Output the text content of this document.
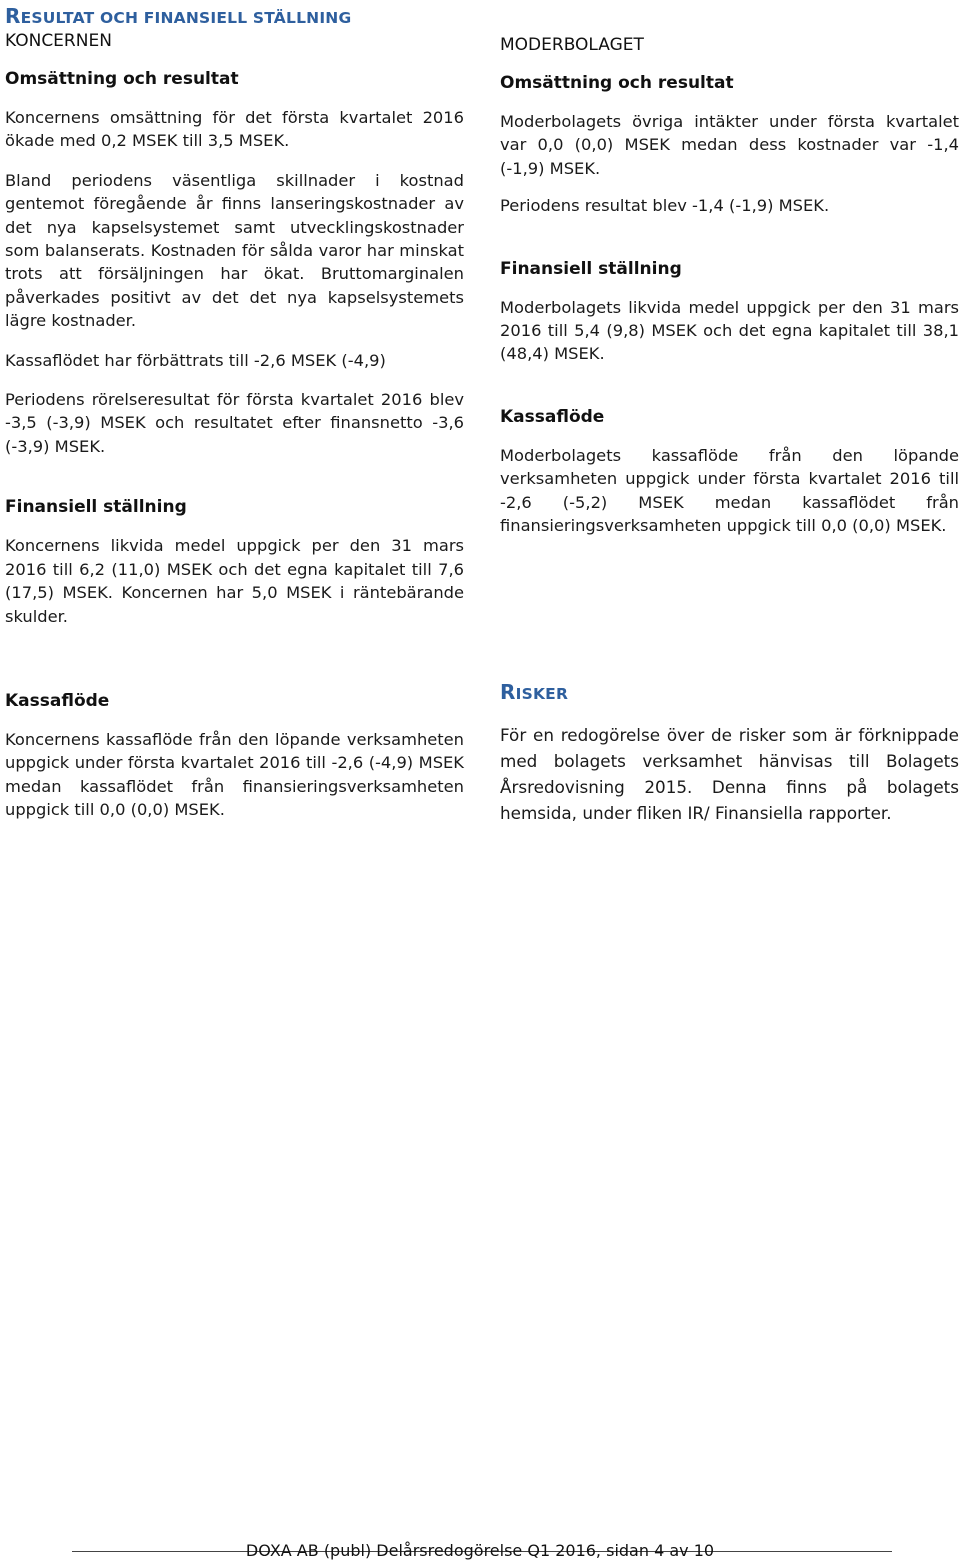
RESULTAT OCH FINANSIELL STÄLLNING
KONCERNEN
Omsättning och resultat

Koncernens omsättning för det första kvartalet 2016 ökade med 0,2 MSEK till 3,5 MSEK.

Bland periodens väsentliga skillnader i kostnad gentemot föregående år finns lanseringskostnader av det nya kapselsystemet samt utvecklingskostnader som balanserats. Kostnaden för sålda varor har minskat trots att försäljningen har ökat. Bruttomarginalen påverkades positivt av det det nya kapselsystemets lägre kostnader.

Kassaflödet har förbättrats till -2,6 MSEK (-4,9)

Periodens rörelseresultat för första kvartalet 2016 blev -3,5 (-3,9) MSEK och resultatet efter finansnetto -3,6 (-3,9) MSEK.

Finansiell ställning

Koncernens likvida medel uppgick per den 31 mars 2016 till 6,2 (11,0) MSEK och det egna kapitalet till 7,6 (17,5) MSEK. Koncernen har 5,0 MSEK i räntebärande skulder.

Kassaflöde

Koncernens kassaflöde från den löpande verksamheten uppgick under första kvartalet 2016 till -2,6 (-4,9) MSEK medan kassaflödet från finansieringsverksamheten uppgick till 0,0 (0,0) MSEK.

MODERBOLAGET
Omsättning och resultat

Moderbolagets övriga intäkter under första kvartalet var 0,0 (0,0) MSEK medan dess kostnader var -1,4 (-1,9) MSEK.

Periodens resultat blev -1,4 (-1,9) MSEK.

Finansiell ställning

Moderbolagets likvida medel uppgick per den 31 mars 2016 till 5,4 (9,8) MSEK och det egna kapitalet till 38,1 (48,4) MSEK.

Kassaflöde

Moderbolagets kassaflöde från den löpande verksamheten uppgick under första kvartalet 2016 till -2,6 (-5,2) MSEK medan kassaflödet från finansieringsverksamheten uppgick till 0,0 (0,0) MSEK.

RISKER

För en redogörelse över de risker som är förknippade med bolagets verksamhet hänvisas till Bolagets Årsredovisning 2015. Denna finns på bolagets hemsida, under fliken IR/ Finansiella rapporter.

DOXA AB (publ) Delårsredogörelse Q1 2016, sidan 4 av 10
